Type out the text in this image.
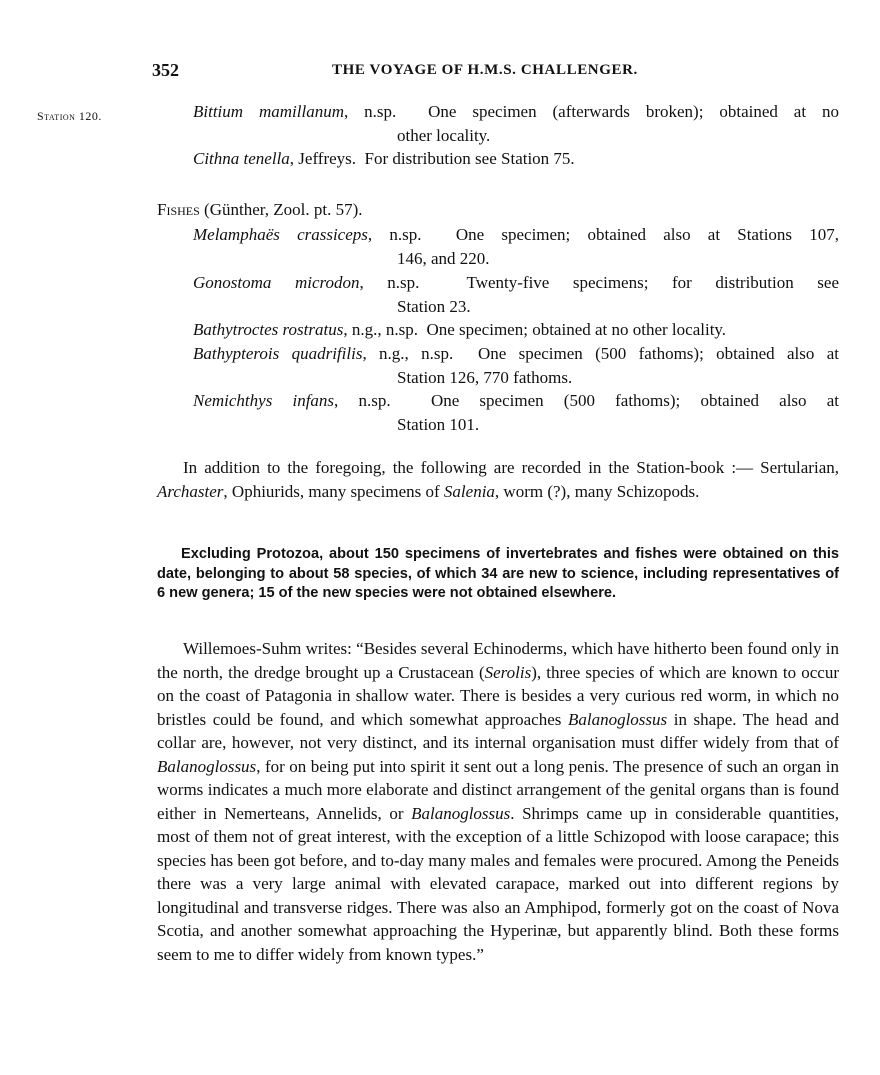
352	THE VOYAGE OF H.M.S. CHALLENGER.
Station 120.	Bittium mamillanum, n.sp. One specimen (afterwards broken); obtained at no
other locality.
Cithna tenella, Jeffreys. For distribution see Station 75.
Fishes (Günther, Zool. pt. 57).
Melamphaës crassiceps, n.sp. One specimen; obtained also at Stations 107,
146, and 220.
Gonostoma microdon, n.sp.	Twenty-five specimens; for distribution see
Station 23.
Bathytroctes rostratus, n.g., n.sp. One specimen; obtained at no other locality.
Bathypterois quadrifilis, n.g., n.sp. One specimen (500 fathoms); obtained also at
Station 126, 770 fathoms.
Nemichthys infans, n.sp. One specimen (500 fathoms); obtained also at
Station 101.
In addition to the foregoing, the following are recorded in the Station-book :— Sertularian, Archaster, Ophiurids, many specimens of Salenia, worm (?), many Schizopods.
Excluding Protozoa, about 150 specimens of invertebrates and fishes were obtained on this date, belonging to about 58 species, of which 34 are new to science, including representatives of 6 new genera; 15 of the new species were not obtained elsewhere.
Willemoes-Suhm writes: “Besides several Echinoderms, which have hitherto been found only in the north, the dredge brought up a Crustacean (Serolis), three species of which are known to occur on the coast of Patagonia in shallow water. There is besides a very curious red worm, in which no bristles could be found, and which somewhat approaches Balanoglossus in shape. The head and collar are, however, not very distinct, and its internal organisation must differ widely from that of Balanoglossus, for on being put into spirit it sent out a long penis. The presence of such an organ in worms indicates a much more elaborate and distinct arrangement of the genital organs than is found either in Nemerteans, Annelids, or Balanoglossus. Shrimps came up in considerable quantities, most of them not of great interest, with the exception of a little Schizopod with loose carapace; this species has been got before, and to-day many males and females were procured. Among the Peneids there was a very large animal with elevated carapace, marked out into different regions by longitudinal and transverse ridges. There was also an Amphipod, formerly got on the coast of Nova Scotia, and another somewhat approaching the Hyperinæ, but apparently blind. Both these forms seem to me to differ widely from known types.”
